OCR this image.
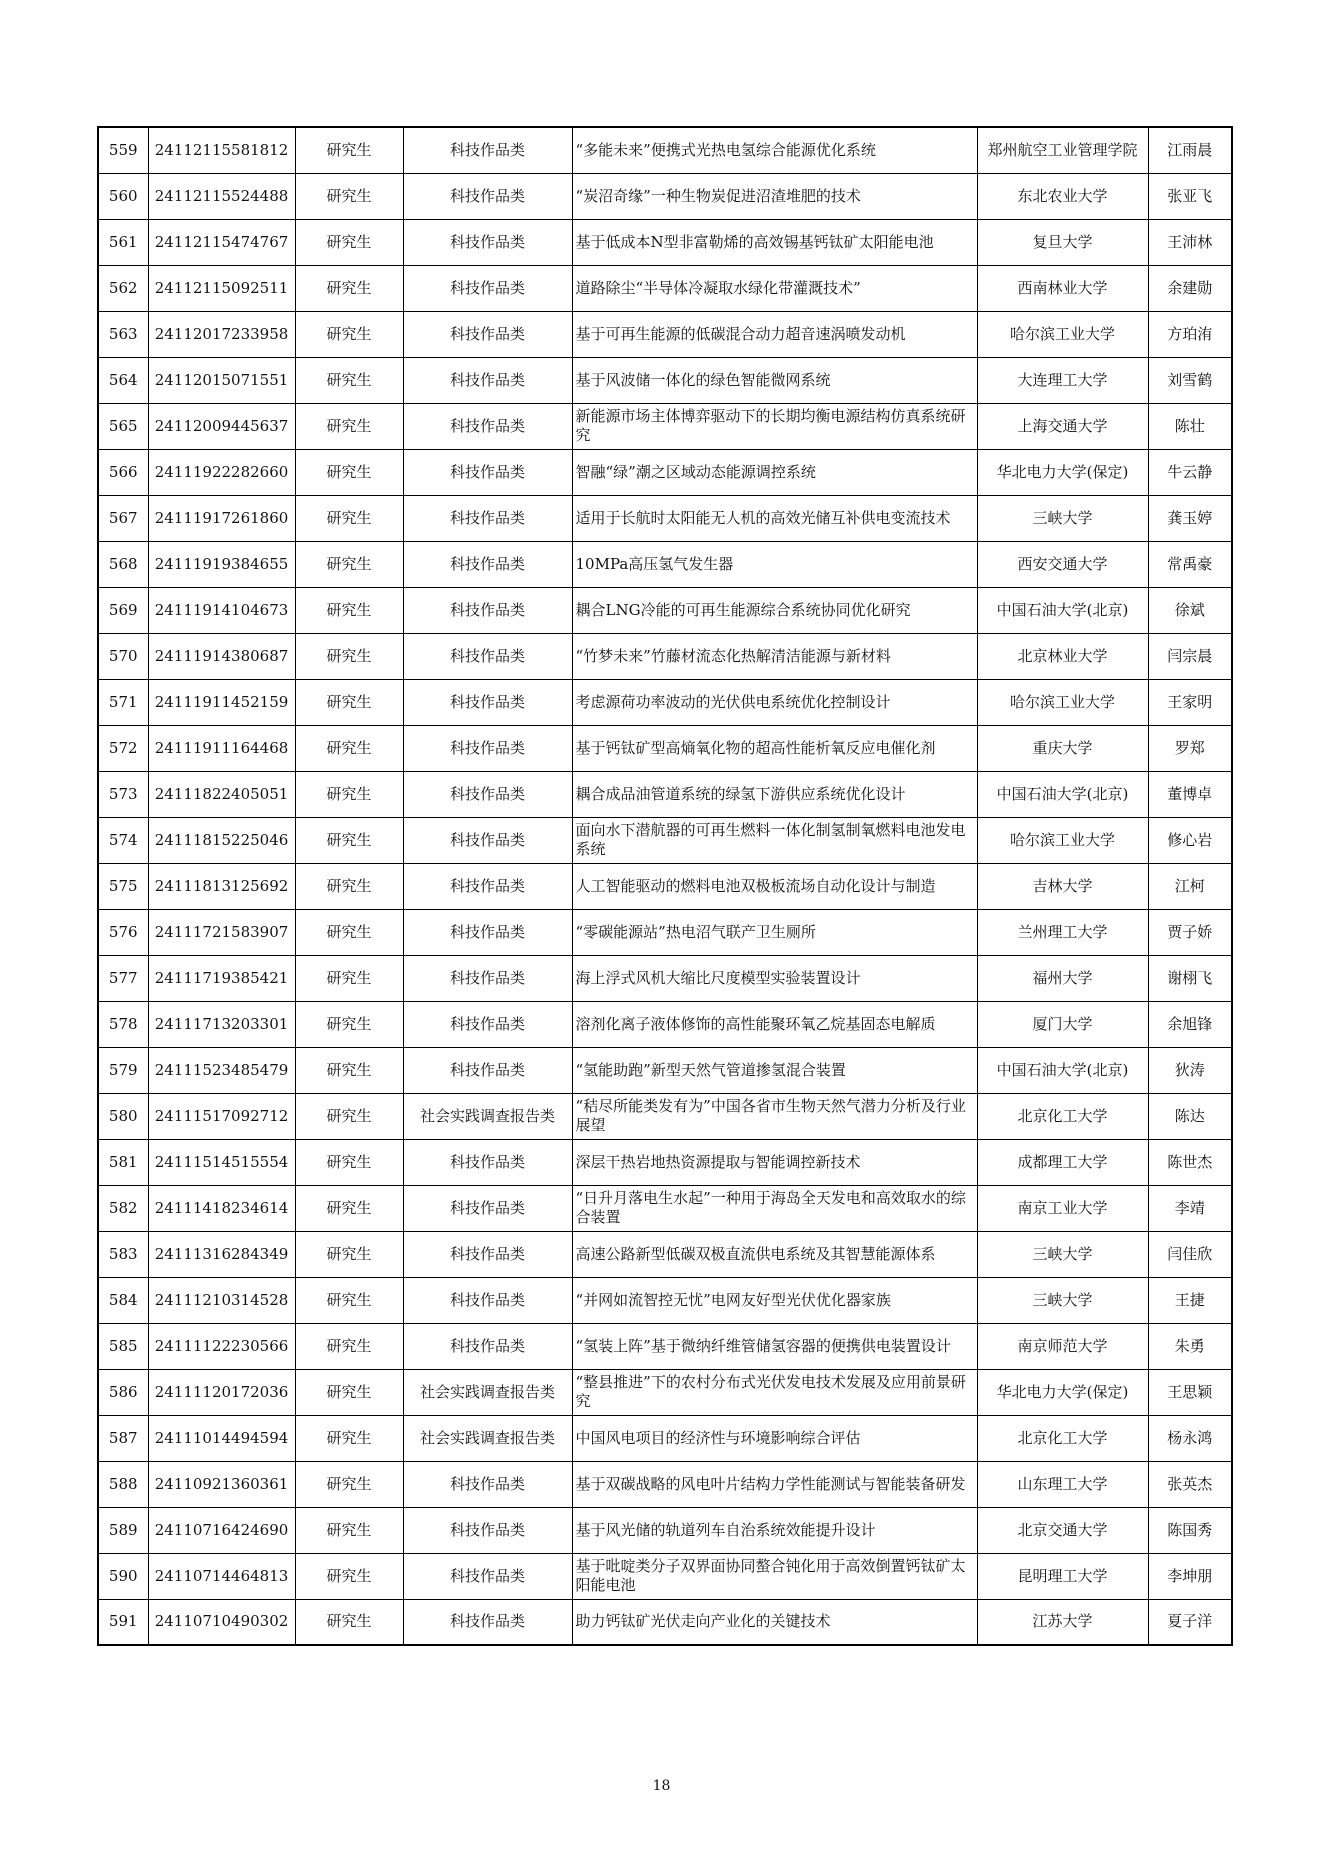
559	24112115581812	研究生	科技作品类	“多能未来”便携式光热电氢综合能源优化系统	郑州航空工业管理学院	江雨晨
560	24112115524488	研究生	科技作品类	“炭沼奇缘”一种生物炭促进沼渣堆肥的技术	东北农业大学	张亚飞
561	24112115474767	研究生	科技作品类	基于低成本N型非富勒烯的高效锡基钙钛矿太阳能电池	复旦大学	王沛林
562	24112115092511	研究生	科技作品类	道路除尘“半导体冷凝取水绿化带灌溉技术”	西南林业大学	余建勋
563	24112017233958	研究生	科技作品类	基于可再生能源的低碳混合动力超音速涡喷发动机	哈尔滨工业大学	方珀洧
564	24112015071551	研究生	科技作品类	基于风波储一体化的绿色智能微网系统	大连理工大学	刘雪鹤
565	24112009445637	研究生	科技作品类	新能源市场主体博弈驱动下的长期均衡电源结构仿真系统研究	上海交通大学	陈壮
566	24111922282660	研究生	科技作品类	智融“绿”潮之区域动态能源调控系统	华北电力大学(保定)	牛云静
567	24111917261860	研究生	科技作品类	适用于长航时太阳能无人机的高效光储互补供电变流技术	三峡大学	龚玉婷
568	24111919384655	研究生	科技作品类	10MPa高压氢气发生器	西安交通大学	常禹豪
569	24111914104673	研究生	科技作品类	耦合LNG冷能的可再生能源综合系统协同优化研究	中国石油大学(北京)	徐斌
570	24111914380687	研究生	科技作品类	“竹梦未来”竹藤材流态化热解清洁能源与新材料	北京林业大学	闫宗晨
571	24111911452159	研究生	科技作品类	考虑源荷功率波动的光伏供电系统优化控制设计	哈尔滨工业大学	王家明
572	24111911164468	研究生	科技作品类	基于钙钛矿型高熵氧化物的超高性能析氧反应电催化剂	重庆大学	罗郑
573	24111822405051	研究生	科技作品类	耦合成品油管道系统的绿氢下游供应系统优化设计	中国石油大学(北京)	董博卓
574	24111815225046	研究生	科技作品类	面向水下潜航器的可再生燃料一体化制氢制氧燃料电池发电系统	哈尔滨工业大学	修心岩
575	24111813125692	研究生	科技作品类	人工智能驱动的燃料电池双极板流场自动化设计与制造	吉林大学	江柯
576	24111721583907	研究生	科技作品类	“零碳能源站”热电沼气联产卫生厕所	兰州理工大学	贾子娇
577	24111719385421	研究生	科技作品类	海上浮式风机大缩比尺度模型实验装置设计	福州大学	谢栩飞
578	24111713203301	研究生	科技作品类	溶剂化离子液体修饰的高性能聚环氧乙烷基固态电解质	厦门大学	余旭锋
579	24111523485479	研究生	科技作品类	“氢能助跑”新型天然气管道掺氢混合装置	中国石油大学(北京)	狄涛
580	24111517092712	研究生	社会实践调查报告类	“秸尽所能类发有为”中国各省市生物天然气潜力分析及行业展望	北京化工大学	陈达
581	24111514515554	研究生	科技作品类	深层干热岩地热资源提取与智能调控新技术	成都理工大学	陈世杰
582	24111418234614	研究生	科技作品类	“日升月落电生水起”一种用于海岛全天发电和高效取水的综合装置	南京工业大学	李靖
583	24111316284349	研究生	科技作品类	高速公路新型低碳双极直流供电系统及其智慧能源体系	三峡大学	闫佳欣
584	24111210314528	研究生	科技作品类	“并网如流智控无忧”电网友好型光伏优化器家族	三峡大学	王捷
585	24111122230566	研究生	科技作品类	“氢装上阵”基于微纳纤维管储氢容器的便携供电装置设计	南京师范大学	朱勇
586	24111120172036	研究生	社会实践调查报告类	“整县推进”下的农村分布式光伏发电技术发展及应用前景研究	华北电力大学(保定)	王思颖
587	24111014494594	研究生	社会实践调查报告类	中国风电项目的经济性与环境影响综合评估	北京化工大学	杨永鸿
588	24110921360361	研究生	科技作品类	基于双碳战略的风电叶片结构力学性能测试与智能装备研发	山东理工大学	张英杰
589	24110716424690	研究生	科技作品类	基于风光储的轨道列车自治系统效能提升设计	北京交通大学	陈国秀
590	24110714464813	研究生	科技作品类	基于吡啶类分子双界面协同螯合钝化用于高效倒置钙钛矿太阳能电池	昆明理工大学	李坤朋
591	24110710490302	研究生	科技作品类	助力钙钛矿光伏走向产业化的关键技术	江苏大学	夏子洋
18
